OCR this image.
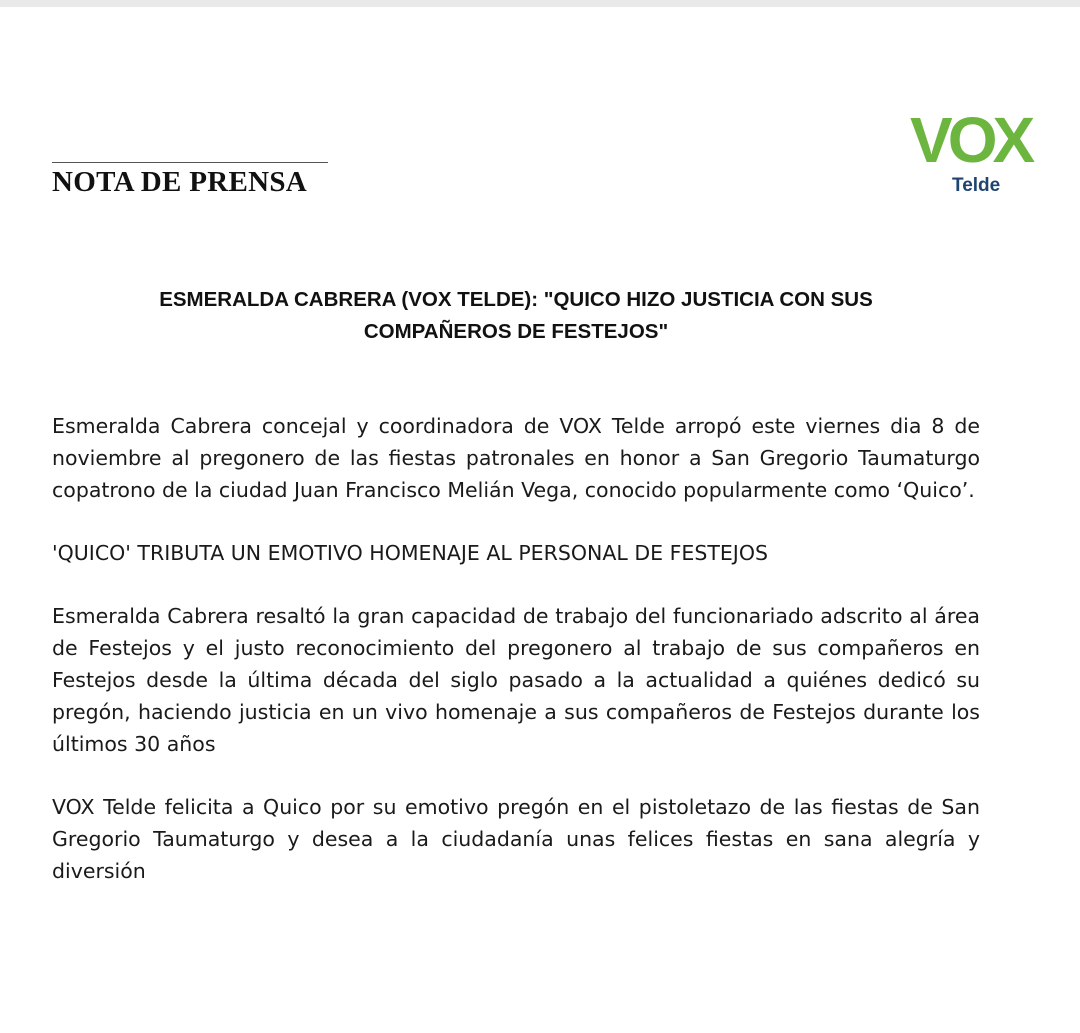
NOTA DE PRENSA
VOX
Telde
ESMERALDA CABRERA (VOX TELDE): "QUICO HIZO JUSTICIA CON SUS
COMPAÑEROS DE FESTEJOS"

Esmeralda Cabrera concejal y coordinadora de VOX Telde arropó este viernes dia 8 de noviembre al pregonero de las fiestas patronales en honor a San Gregorio Taumaturgo copatrono de la ciudad Juan Francisco Melián Vega, conocido popularmente como ‘Quico’.

'QUICO' TRIBUTA UN EMOTIVO HOMENAJE AL PERSONAL DE FESTEJOS

Esmeralda Cabrera resaltó la gran capacidad de trabajo del funcionariado adscrito al área de Festejos y el justo reconocimiento del pregonero al trabajo de sus compañeros en Festejos desde la última década del siglo pasado a la actualidad a quiénes dedicó su pregón, haciendo justicia en un vivo homenaje a sus compañeros de Festejos durante los últimos 30 años

VOX Telde felicita a Quico por su emotivo pregón en el pistoletazo de las fiestas de San Gregorio Taumaturgo y desea a la ciudadanía unas felices fiestas en sana alegría y diversión
